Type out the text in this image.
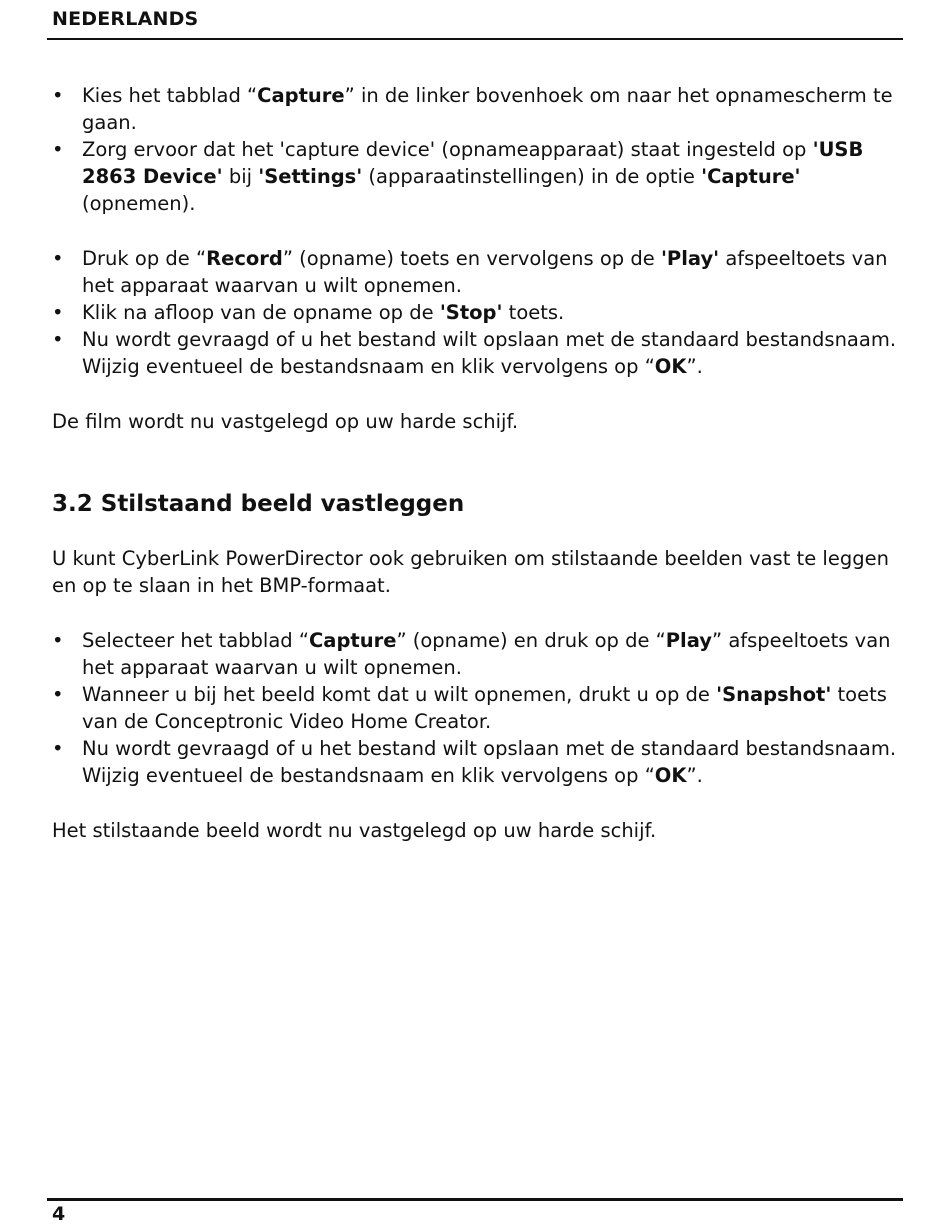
NEDERLANDS
• Kies het tabblad “Capture” in de linker bovenhoek om naar het opnamescherm te gaan.
• Zorg ervoor dat het 'capture device' (opnameapparaat) staat ingesteld op 'USB 2863 Device' bij 'Settings' (apparaatinstellingen) in de optie 'Capture' (opnemen).
• Druk op de “Record” (opname) toets en vervolgens op de 'Play' afspeeltoets van het apparaat waarvan u wilt opnemen.
• Klik na afloop van de opname op de 'Stop' toets.
• Nu wordt gevraagd of u het bestand wilt opslaan met de standaard bestandsnaam. Wijzig eventueel de bestandsnaam en klik vervolgens op “OK”.

De film wordt nu vastgelegd op uw harde schijf.

3.2 Stilstaand beeld vastleggen

U kunt CyberLink PowerDirector ook gebruiken om stilstaande beelden vast te leggen en op te slaan in het BMP-formaat.

• Selecteer het tabblad “Capture” (opname) en druk op de “Play” afspeeltoets van het apparaat waarvan u wilt opnemen.
• Wanneer u bij het beeld komt dat u wilt opnemen, drukt u op de 'Snapshot' toets van de Conceptronic Video Home Creator.
• Nu wordt gevraagd of u het bestand wilt opslaan met de standaard bestandsnaam. Wijzig eventueel de bestandsnaam en klik vervolgens op “OK”.

Het stilstaande beeld wordt nu vastgelegd op uw harde schijf.

4
